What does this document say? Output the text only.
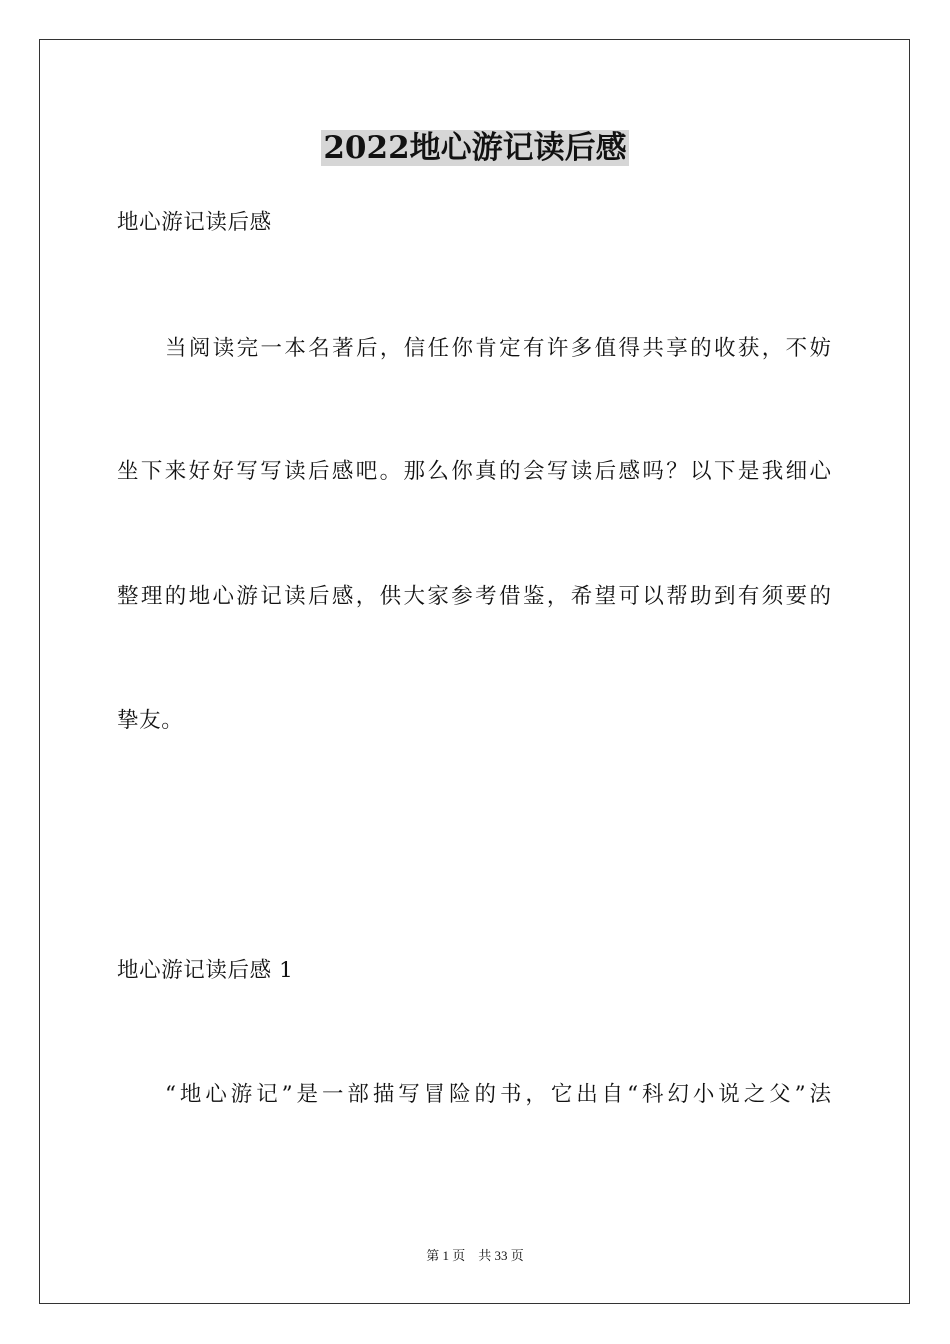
2022地心游记读后感
地心游记读后感
当阅读完一本名著后，信任你肯定有许多值得共享的收获，不妨
坐下来好好写写读后感吧。那么你真的会写读后感吗？以下是我细心
整理的地心游记读后感，供大家参考借鉴，希望可以帮助到有须要的
挚友。
地心游记读后感 1
“地心游记”是一部描写冒险的书，它出自“科幻小说之父”法
第 1 页    共 33 页
